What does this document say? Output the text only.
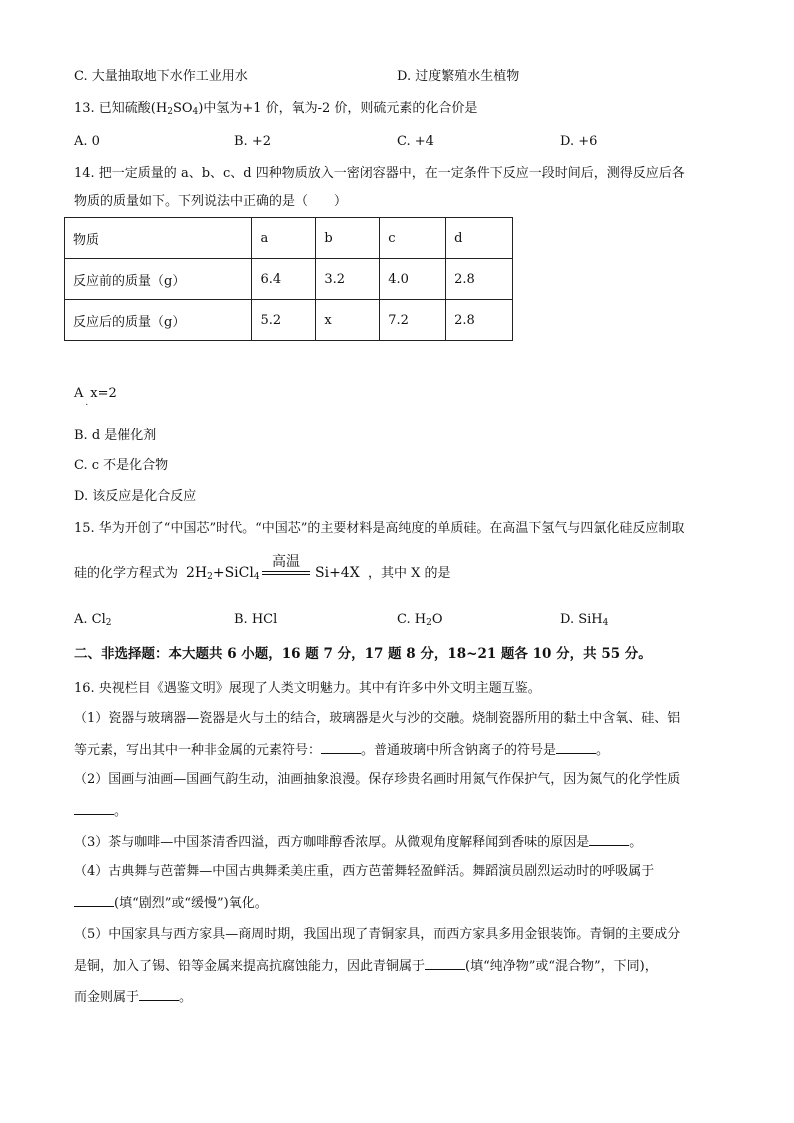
C. 大量抽取地下水作工业用水	D. 过度繁殖水生植物
13. 已知硫酸$(H_2SO_4)$中氢为+1 价，氧为-2 价，则硫元素的化合价是
A. 0	B. +2	C. +4	D. +6
14. 把一定质量的 a、b、c、d 四种物质放入一密闭容器中，在一定条件下反应一段时间后，测得反应后各
物质的质量如下。下列说法中正确的是（　　）
物质	a	b	c	d
反应前的质量（g）	6.4	3.2	4.0	2.8
反应后的质量（g）	5.2	x	7.2	2.8
$A_.x=2$
B. d 是催化剂
C. c 不是化合物
D. 该反应是化合反应
15. 华为开创了“中国芯”时代。“中国芯”的主要材料是高纯度的单质硅。在高温下氢气与四氯化硅反应制取
硅的化学方程式为 $2H_2+SiCl_4$
高温
Si+4X ，其中 X 的是
A. $Cl_2$	B. HCl	C. $H_2O$	D. SiH$_4$
二、非选择题：本大题共 6 小题，16 题 7 分，17 题 8 分，18~21 题各 10 分，共 55 分。
16. 央视栏目《遇鉴文明》展现了人类文明魅力。其中有许多中外文明主题互鉴。
（1）瓷器与玻璃器—瓷器是火与土的结合，玻璃器是火与沙的交融。烧制瓷器所用的黏土中含氧、硅、铝
等元素，写出其中一种非金属的元素符号：	。普通玻璃中所含钠离子的符号是	。
（2）国画与油画—国画气韵生动，油画抽象浪漫。保存珍贵名画时用氮气作保护气，因为氮气的化学性质
。
（3）茶与咖啡—中国茶清香四溢，西方咖啡醇香浓厚。从微观角度解释闻到香味的原因是	。
（4）古典舞与芭蕾舞—中国古典舞柔美庄重，西方芭蕾舞轻盈鲜活。舞蹈演员剧烈运动时的呼吸属于
(填“剧烈”或“缓慢”)氧化。
（5）中国家具与西方家具—商周时期，我国出现了青铜家具，而西方家具多用金银装饰。青铜的主要成分
是铜，加入了锡、铅等金属来提高抗腐蚀能力，因此青铜属于	(填“纯净物”或“混合物”，下同)，
而金则属于	。
